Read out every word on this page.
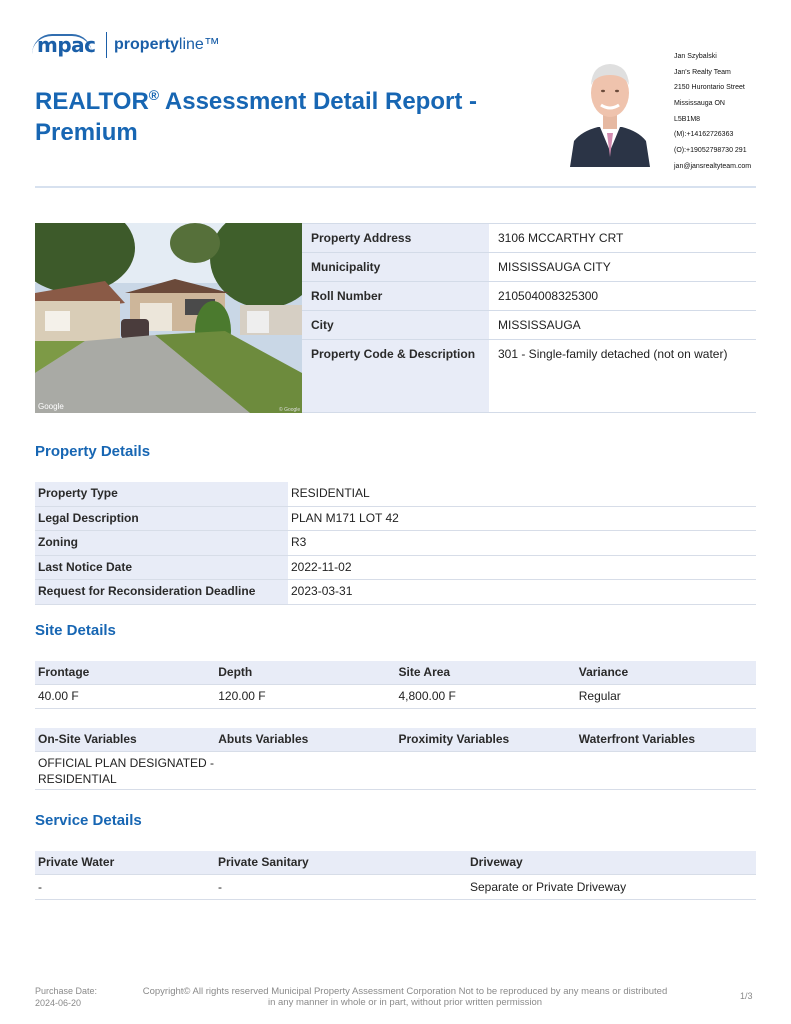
mpac property line ™
REALTOR® Assessment Detail Report - Premium
Jan Szybalski
Jan's Realty Team
2150 Hurontario Street
Mississauga ON
L5B1M8
(M):+14162726363
(O):+19052798730 291
jan@jansrealtyteam.com
Google	© Google
Property Address	3106 MCCARTHY CRT
Municipality	MISSISSAUGA CITY
Roll Number	210504008325300
City	MISSISSAUGA
Property Code & Description	301 - Single-family detached (not on water)
Property Details
Property Type	RESIDENTIAL
Legal Description	PLAN M171 LOT 42
Zoning	R3
Last Notice Date	2022-11-02
Request for Reconsideration Deadline	2023-03-31
Site Details
Frontage	Depth	Site Area	Variance
40.00 F	120.00 F	4,800.00 F	Regular
On-Site Variables	Abuts Variables	Proximity Variables	Waterfront Variables
OFFICIAL PLAN DESIGNATED - RESIDENTIAL
Service Details
Private Water	Private Sanitary	Driveway
-	-	Separate or Private Driveway
Purchase Date:
2024-06-20
Copyright© All rights reserved Municipal Property Assessment Corporation Not to be reproduced by any means or distributed in any manner in whole or in part, without prior written permission
1/3
